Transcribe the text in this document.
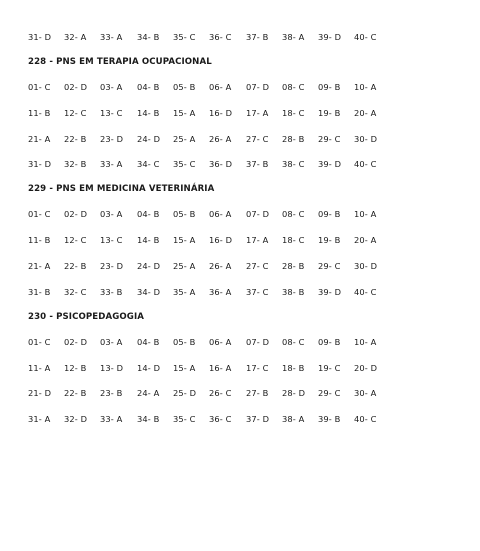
31- D 32- A 33- A 34- B 35- C 36- C 37- B 38- A 39- D 40- C
228 - PNS EM TERAPIA OCUPACIONAL
01- C 02- D 03- A 04- B 05- B 06- A 07- D 08- C 09- B 10- A
11- B 12- C 13- C 14- B 15- A 16- D 17- A 18- C 19- B 20- A
21- A 22- B 23- D 24- D 25- A 26- A 27- C 28- B 29- C 30- D
31- D 32- B 33- A 34- C 35- C 36- D 37- B 38- C 39- D 40- C
229 - PNS EM MEDICINA VETERINÁRIA
01- C 02- D 03- A 04- B 05- B 06- A 07- D 08- C 09- B 10- A
11- B 12- C 13- C 14- B 15- A 16- D 17- A 18- C 19- B 20- A
21- A 22- B 23- D 24- D 25- A 26- A 27- C 28- B 29- C 30- D
31- B 32- C 33- B 34- D 35- A 36- A 37- C 38- B 39- D 40- C
230 - PSICOPEDAGOGIA
01- C 02- D 03- A 04- B 05- B 06- A 07- D 08- C 09- B 10- A
11- A 12- B 13- D 14- D 15- A 16- A 17- C 18- B 19- C 20- D
21- D 22- B 23- B 24- A 25- D 26- C 27- B 28- D 29- C 30- A
31- A 32- D 33- A 34- B 35- C 36- C 37- D 38- A 39- B 40- C
